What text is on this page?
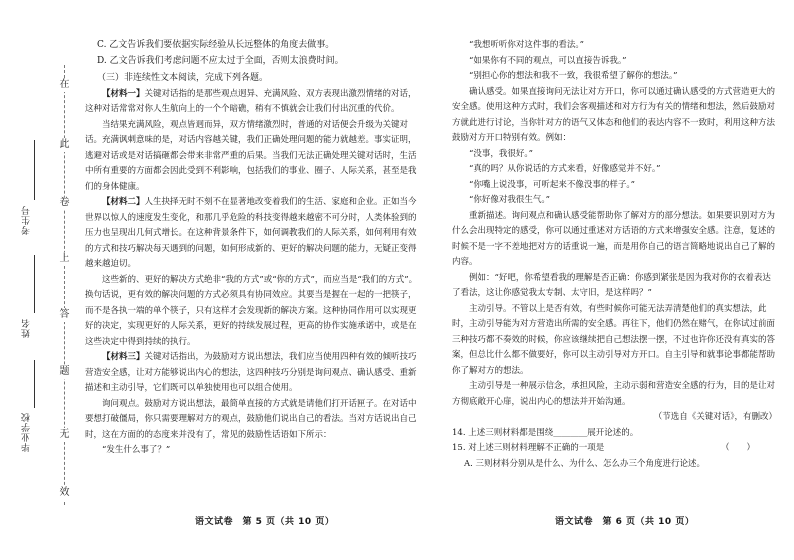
在
此
卷
上
答
题
无
效
考生号
姓名
毕业学校

C. 乙文告诉我们要依据实际经验从长远整体的角度去做事。

D. 乙文告诉我们考虑问题不应太过于全面，否则太浪费时间。

（三）非连续性文本阅读，完成下列各题。

【材料一】关键对话指的是那些观点迥异、充满风险、双方表现出激烈情绪的对话，这种对话常常对你人生航向上的一个个暗礁，稍有不慎就会让我们付出沉重的代价。

当结果充满风险，观点皆迥而异，双方情绪激烈时，普通的对话便会升级为关键对话。充满讽刺意味的是，对话内容越关键，我们正确处理问题的能力就越差。事实证明，逃避对话或是对话搞砸都会带来非常严重的后果。当我们无法正确处理关键对话时，生活中所有重要的方面都会因此受到不利影响，包括我们的事业、圈子、人际关系，甚至是我们的身体健康。

【材料二】人生抉择无时不刻不在显著地改变着我们的生活、家庭和企业。正如当今世界以惊人的速度发生变化，和那几乎危险的科技变得越来越密不可分时，人类体验到的压力也呈现出几何式增长。在这种背景条件下，如何调教我们的人际关系，如何利用有效的方式和技巧解决每天遇到的问题，如何形成新的、更好的解决问题的能力，无疑正变得越来越迫切。

这些新的、更好的解决方式绝非“我的方式”或“你的方式”，而应当是“我们的方式”。换句话说，更有效的解决问题的方式必须具有协同效应。其要当是握在一起的一把筷子，而不是各执一端的单个筷子，只有这样才会发现新的解决方案。这种协同作用可以实现更好的决定，实现更好的人际关系，更好的持续发展过程，更高的协作实施承诺中，或是在这些决定中得到持续的执行。

【材料三】关键对话指出，为鼓励对方说出想法，我们应当使用四种有效的倾听技巧营造安全感，让对方能够说出内心的想法，这四种技巧分别是询问观点、确认感受、重新描述和主动引导，它们既可以单独使用也可以组合使用。

询问观点。鼓励对方说出想法，最简单直接的方式就是请他们打开话匣子。在对话中要想打破僵局，你只需要理解对方的观点，鼓励他们说出自己的看法。当对方话说出自己时，这在方面的的态度来并没有了，常见的鼓励性话语如下所示：

“发生什么事了？”

语文试卷　第 5 页（共 10 页）

“我想听听你对这件事的看法。”

“如果你有不同的观点，可以直接告诉我。”

“别担心你的想法和我不一致，我很希望了解你的想法。”

确认感受。如果直接询问无法让对方开口，你可以通过确认感受的方式营造更大的安全感。使用这种方式时，我们会客观描述和对方行为有关的情绪和想法，然后鼓励对方就此进行讨论，当你针对方的语气又体态和他们的表达内容不一致时，利用这种方法鼓励对方开口特别有效。例如：

“没事，我很好。”

“真的吗？从你说话的方式来看，好像感觉并不好。”

“你嘴上说没事，可听起来不像没事的样子。”

“你好像对我很生气。”

重新描述。询问观点和确认感受能帮助你了解对方的部分想法。如果要识别对方为什么会出现特定的感受，你可以通过重述对方话语的方式来增强安全感。注意，复述的时候不是一字不差地把对方的话重说一遍，而是用你自己的语言简略地说出自己了解的内容。

例如：“好吧，你希望看我的理解是否正确：你感到紧张是因为我对你的衣着表达了看法，这让你感觉我太专制、太守旧，是这样吗？”

主动引导。不管以上是否有效，有些时候你可能无法弄清楚他们的真实想法，此时，主动引导能为对方营造出所需的安全感。再往下，他们仍然在赌气，在你试过前面三种技巧都不奏效的时候，你应该继续把自己想法摆一摆，不过也许你还没有真实的答案，但总比什么都不做要好，你可以主动引导对方开口。自主引导和就事论事都能帮助你了解对方的想法。

主动引导是一种展示信念，承担风险，主动示弱和营造安全感的行为，目的是让对方彻底敞开心扉，说出内心的想法并开始沟通。

（节选自《关键对话》，有删改）

14. 上述三则材料都是围绕________展开论述的。

15. 对上述三则材料理解不正确的一项是	（　　）

A. 三则材料分别从是什么、为什么、怎么办三个角度进行论述。

语文试卷　第 6 页（共 10 页）
